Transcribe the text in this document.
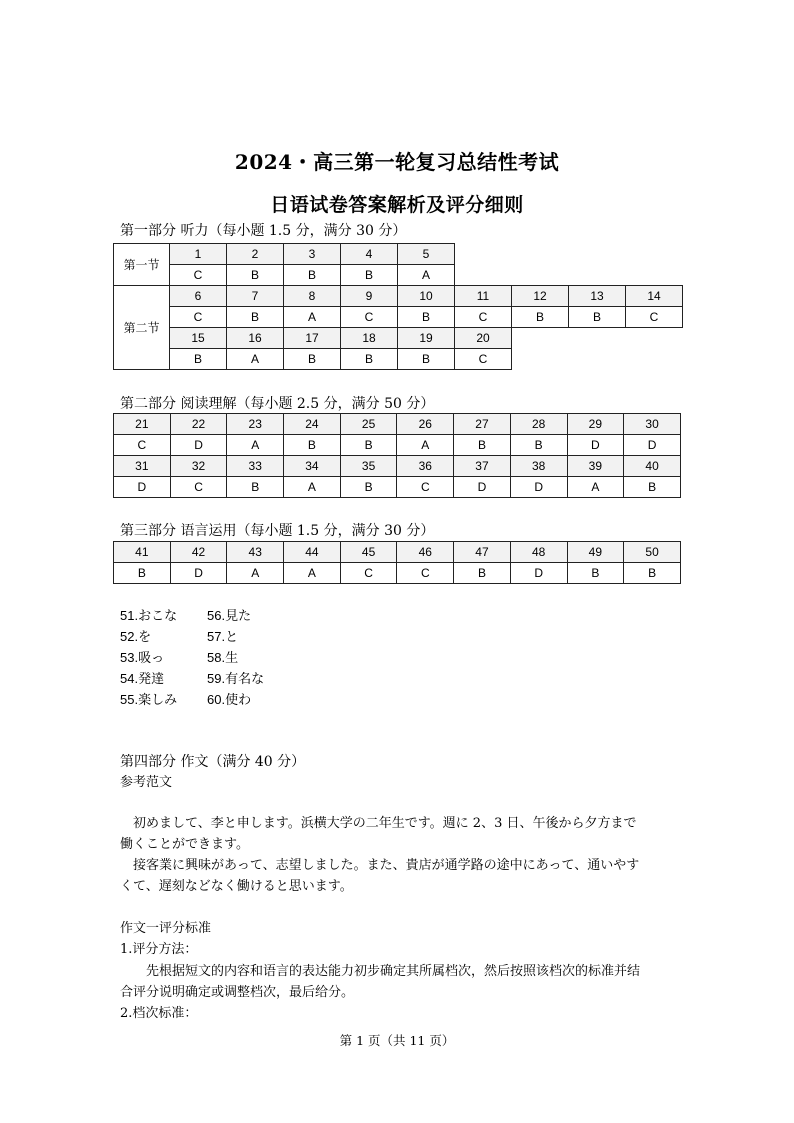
2024・高三第一轮复习总结性考试
日语试卷答案解析及评分细则
第一部分 听力（每小题 1.5 分，满分 30 分）
第一节	1	2	3	4	5				
	C	B	B	B	A				
第二节	6	7	8	9	10	11	12	13	14
	C	B	A	C	B	C	B	B	C
	15	16	17	18	19	20			
	B	A	B	B	B	C			
第二部分 阅读理解（每小题 2.5 分，满分 50 分）
21	22	23	24	25	26	27	28	29	30
C	D	A	B	B	A	B	B	D	D
31	32	33	34	35	36	37	38	39	40
D	C	B	A	B	C	D	D	A	B
第三部分 语言运用（每小题 1.5 分，满分 30 分）
41	42	43	44	45	46	47	48	49	50
B	D	A	A	C	C	B	D	B	B
51.おこな	56.見た
52.を	57.と
53.吸っ	58.生
54.発達	59.有名な
55.楽しみ	60.使わ
第四部分 作文（满分 40 分）
参考范文
初めまして、李と申します。浜横大学の二年生です。週に 2、3 日、午後から夕方まで
働くことができます。
接客業に興味があって、志望しました。また、貴店が通学路の途中にあって、通いやす
くて、遅刻などなく働けると思います。
作文一评分标准
1.评分方法：
先根据短文的内容和语言的表达能力初步确定其所属档次，然后按照该档次的标准并结
合评分说明确定或调整档次，最后给分。
2.档次标准：
第 1 页（共 11 页）
